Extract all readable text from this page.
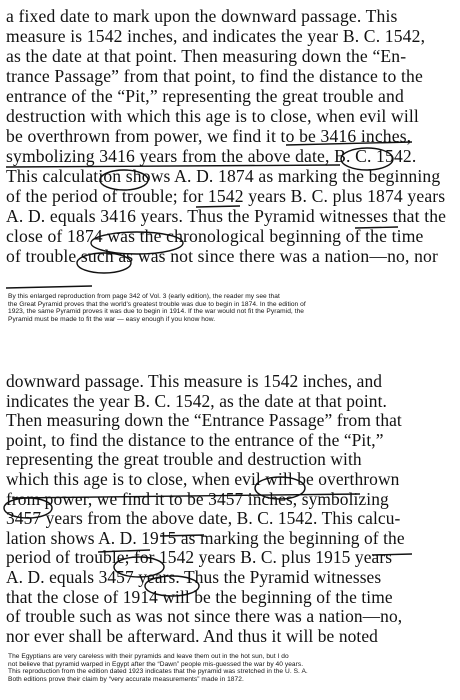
a fixed date to mark upon the downward passage. This
measure is 1542 inches, and indicates the year B. C. 1542,
as the date at that point. Then measuring down the “En-
trance Passage” from that point, to find the distance to the
entrance of the “Pit,” representing the great trouble and
destruction with which this age is to close, when evil will
be overthrown from power, we find it to be 3416 inches,
symbolizing 3416 years from the above date, B. C. 1542.
This calculation shows A. D. 1874 as marking the beginning
of the period of trouble; for 1542 years B. C. plus 1874 years
A. D. equals 3416 years. Thus the Pyramid witnesses that the
close of 1874 was the chronological beginning of the time
of trouble such as was not since there was a nation—no, nor
By this enlarged reproduction from page 342 of Vol. 3 (early edition), the reader my see that
the Great Pyramid proves that the world's greatest trouble was due to begin in 1874. In the edition of
1923, the same Pyramid proves it was due to begin in 1914. If the war would not fit the Pyramid, the
Pyramid must be made to fit the war — easy enough if you know how.
downward passage. This measure is 1542 inches, and
indicates the year B. C. 1542, as the date at that point.
Then measuring down the “Entrance Passage” from that
point, to find the distance to the entrance of the “Pit,”
representing the great trouble and destruction with
which this age is to close, when evil will be overthrown
from power, we find it to be 3457 inches, symbolizing
3457 years from the above date, B. C. 1542. This calcu-
lation shows A. D. 1915 as marking the beginning of the
period of trouble; for 1542 years B. C. plus 1915 years
A. D. equals 3457 years. Thus the Pyramid witnesses
that the close of 1914 will be the beginning of the time
of trouble such as was not since there was a nation—no,
nor ever shall be afterward. And thus it will be noted
The Egyptians are very careless with their pyramids and leave them out in the hot sun, but I do
not believe that pyramid warped in Egypt after the “Dawn” people mis-guessed the war by 40 years.
This reproduction from the edition dated 1923 indicates that the pyramid was stretched in the U. S. A.
Both editions prove their claim by “very accurate measurements” made in 1872.
